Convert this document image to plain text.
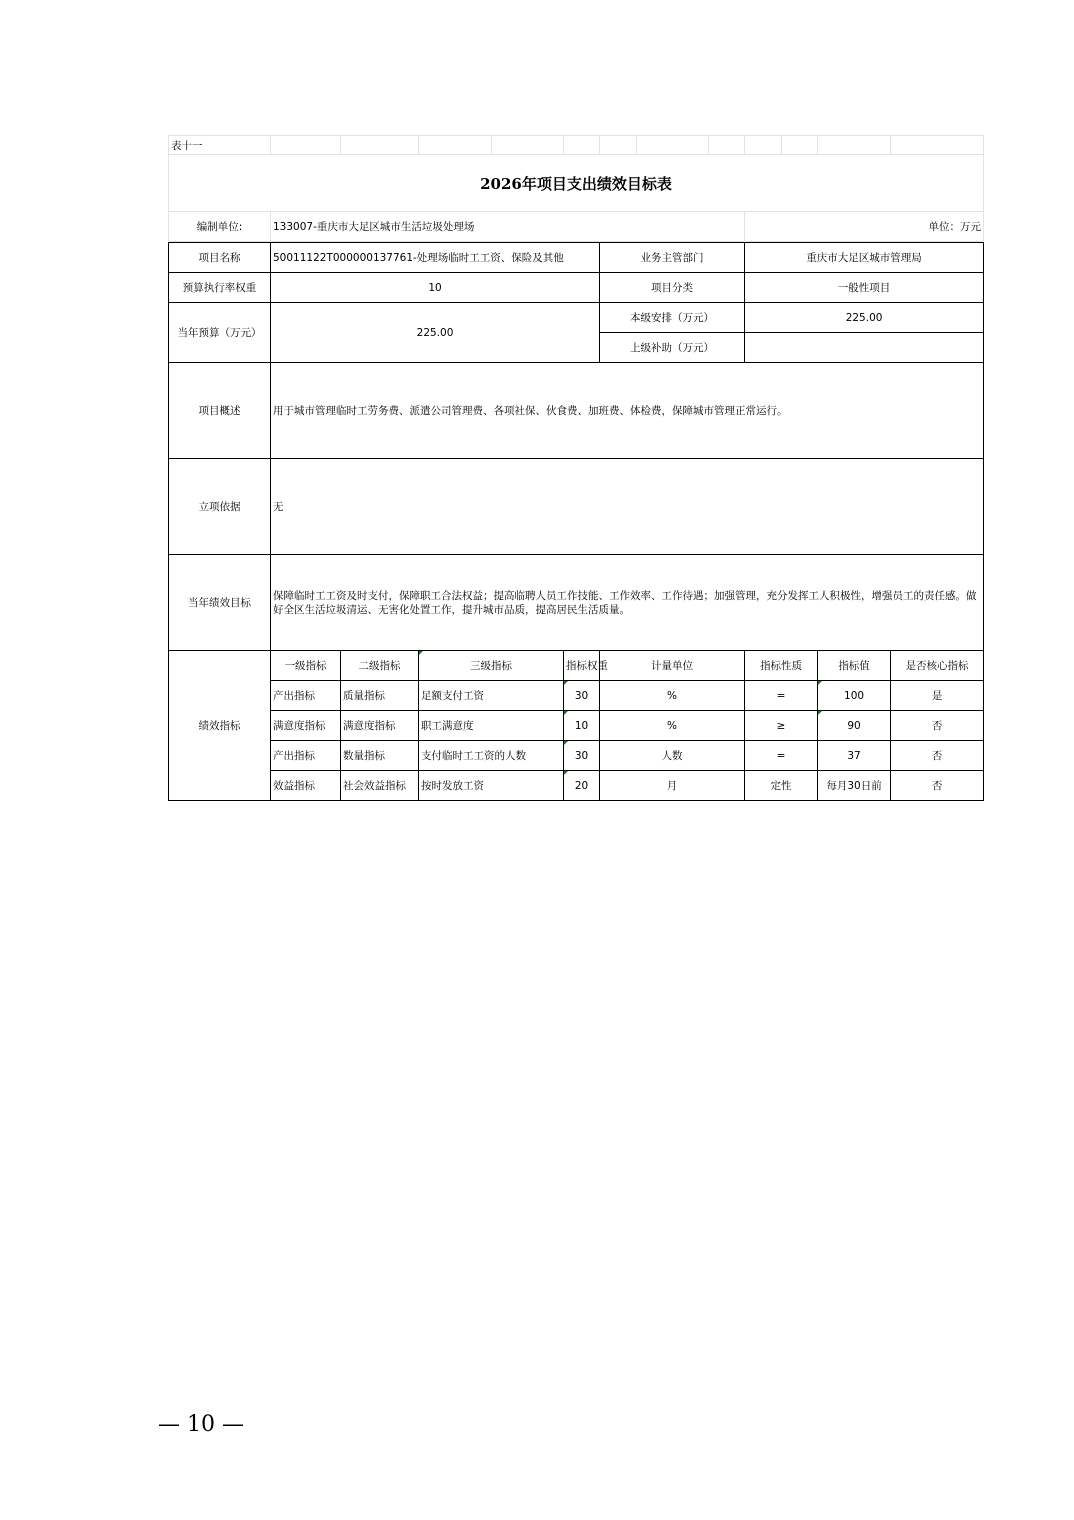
表十一												
2026年项目支出绩效目标表												
编制单位:	133007-重庆市大足区城市生活垃圾处理场								单位：万元			
项目名称	50011122T000000137761-处理场临时工工资、保险及其他				业务主管部门	重庆市大足区城市管理局		
预算执行率权重	10				项目分类	一般性项目		
当年预算（万元）	225.00				本级安排（万元）	225.00		
					上级补助（万元）			
项目概述	用于城市管理临时工劳务费、派遣公司管理费、各项社保、伙食费、加班费、体检费，保障城市管理正常运行。							
立项依据	无							
当年绩效目标	保障临时工工资及时支付，保障职工合法权益；提高临聘人员工作技能、工作效率、工作待遇；加强管理，充分发挥工人积极性，增强员工的责任感。做好全区生活垃圾清运、无害化处置工作，提升城市品质，提高居民生活质量。							
绩效指标	一级指标	二级指标	三级指标	指标权重	计量单位	指标性质	指标值	是否核心指标
	产出指标	质量指标	足额支付工资	30	%	=	100	是
	满意度指标	满意度指标	职工满意度	10	%	≥	90	否
	产出指标	数量指标	支付临时工工资的人数	30	人数	=	37	否
	效益指标	社会效益指标	按时发放工资	20	月	定性	每月30日前	否
— 10 —
